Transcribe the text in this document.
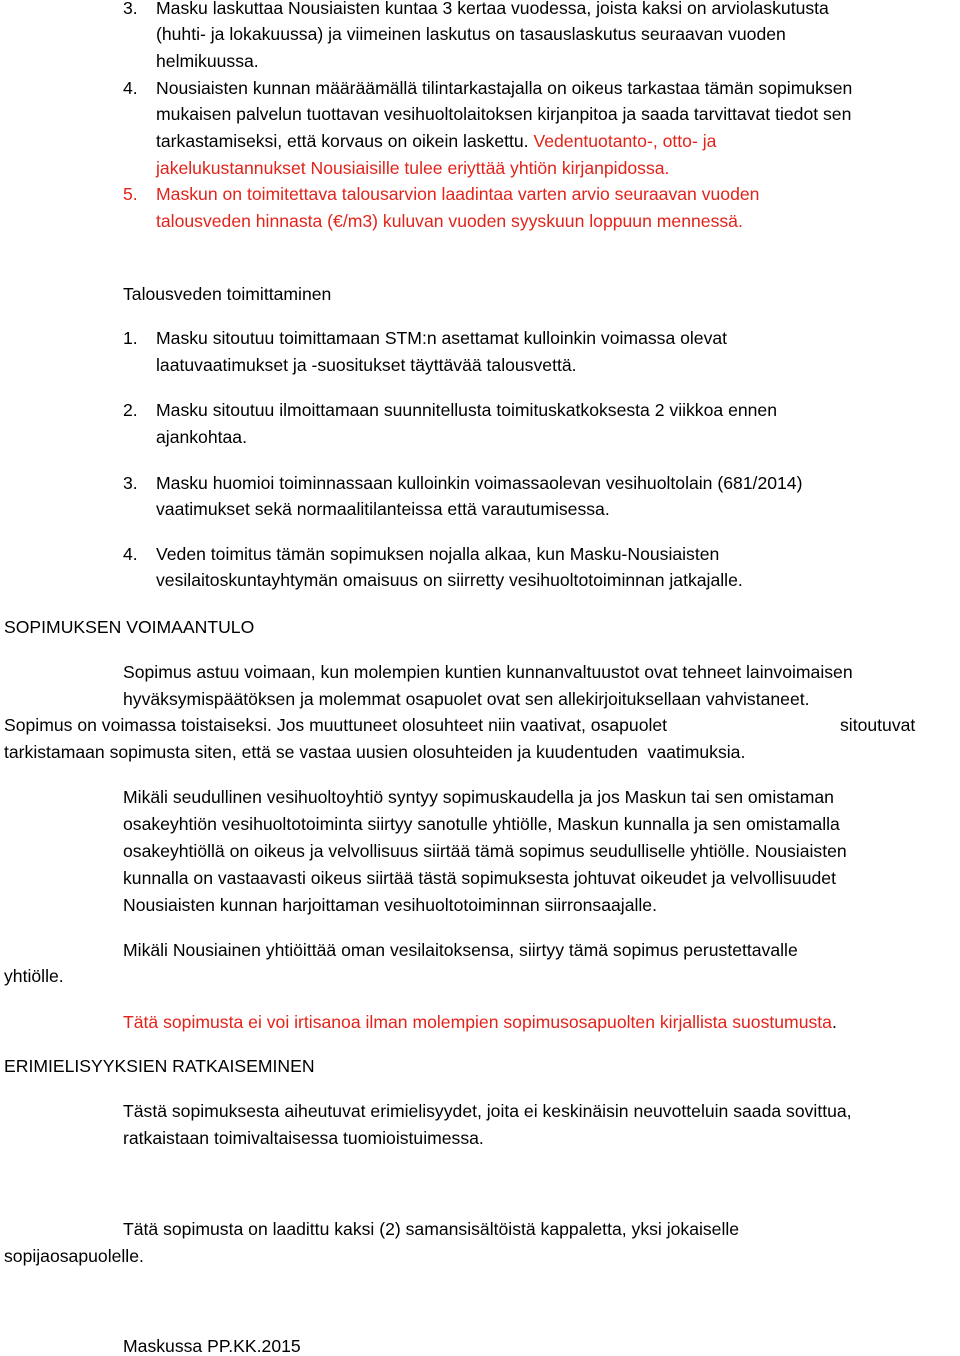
3. Masku laskuttaa Nousiaisten kuntaa 3 kertaa vuodessa, joista kaksi on arviolaskutusta
(huhti- ja lokakuussa) ja viimeinen laskutus on tasauslaskutus seuraavan vuoden
helmikuussa.
4. Nousiaisten kunnan määräämällä tilintarkastajalla on oikeus tarkastaa tämän sopimuksen
mukaisen palvelun tuottavan vesihuoltolaitoksen kirjanpitoa ja saada tarvittavat tiedot sen
tarkastamiseksi, että korvaus on oikein laskettu. Vedentuotanto-, otto- ja
jakelukustannukset Nousiaisille tulee eriyttää yhtiön kirjanpidossa.
5. Maskun on toimitettava talousarvion laadintaa varten arvio seuraavan vuoden
talousveden hinnasta (€/m3) kuluvan vuoden syyskuun loppuun mennessä.
Talousveden toimittaminen
1. Masku sitoutuu toimittamaan STM:n asettamat kulloinkin voimassa olevat
laatuvaatimukset ja -suositukset täyttävää talousvettä.
2. Masku sitoutuu ilmoittamaan suunnitellusta toimituskatkoksesta 2 viikkoa ennen
ajankohtaa.
3. Masku huomioi toiminnassaan kulloinkin voimassaolevan vesihuoltolain (681/2014)
vaatimukset sekä normaalitilanteissa että varautumisessa.
4. Veden toimitus tämän sopimuksen nojalla alkaa, kun Masku-Nousiaisten
vesilaitoskuntayhtymän omaisuus on siirretty vesihuoltotoiminnan jatkajalle.
SOPIMUKSEN VOIMAANTULO
Sopimus astuu voimaan, kun molempien kuntien kunnanvaltuustot ovat tehneet lainvoimaisen
hyväksymispäätöksen ja molemmat osapuolet ovat sen allekirjoituksellaan vahvistaneet.
Sopimus on voimassa toistaiseksi. Jos muuttuneet olosuhteet niin vaativat, osapuolet	sitoutuvat
tarkistamaan sopimusta siten, että se vastaa uusien olosuhteiden ja kuudentuden  vaatimuksia.
Mikäli seudullinen vesihuoltoyhtiö syntyy sopimuskaudella ja jos Maskun tai sen omistaman
osakeyhtiön vesihuoltotoiminta siirtyy sanotulle yhtiölle, Maskun kunnalla ja sen omistamalla
osakeyhtiöllä on oikeus ja velvollisuus siirtää tämä sopimus seudulliselle yhtiölle. Nousiaisten
kunnalla on vastaavasti oikeus siirtää tästä sopimuksesta johtuvat oikeudet ja velvollisuudet
Nousiaisten kunnan harjoittaman vesihuoltotoiminnan siirronsaajalle.
Mikäli Nousiainen yhtiöittää oman vesilaitoksensa, siirtyy tämä sopimus perustettavalle
yhtiölle.
Tätä sopimusta ei voi irtisanoa ilman molempien sopimusosapuolten kirjallista suostumusta.
ERIMIELISYYKSIEN RATKAISEMINEN
Tästä sopimuksesta aiheutuvat erimielisyydet, joita ei keskinäisin neuvotteluin saada sovittua,
ratkaistaan toimivaltaisessa tuomioistuimessa.
Tätä sopimusta on laadittu kaksi (2) samansisältöistä kappaletta, yksi jokaiselle
sopijaosapuolelle.
Maskussa PP.KK.2015
